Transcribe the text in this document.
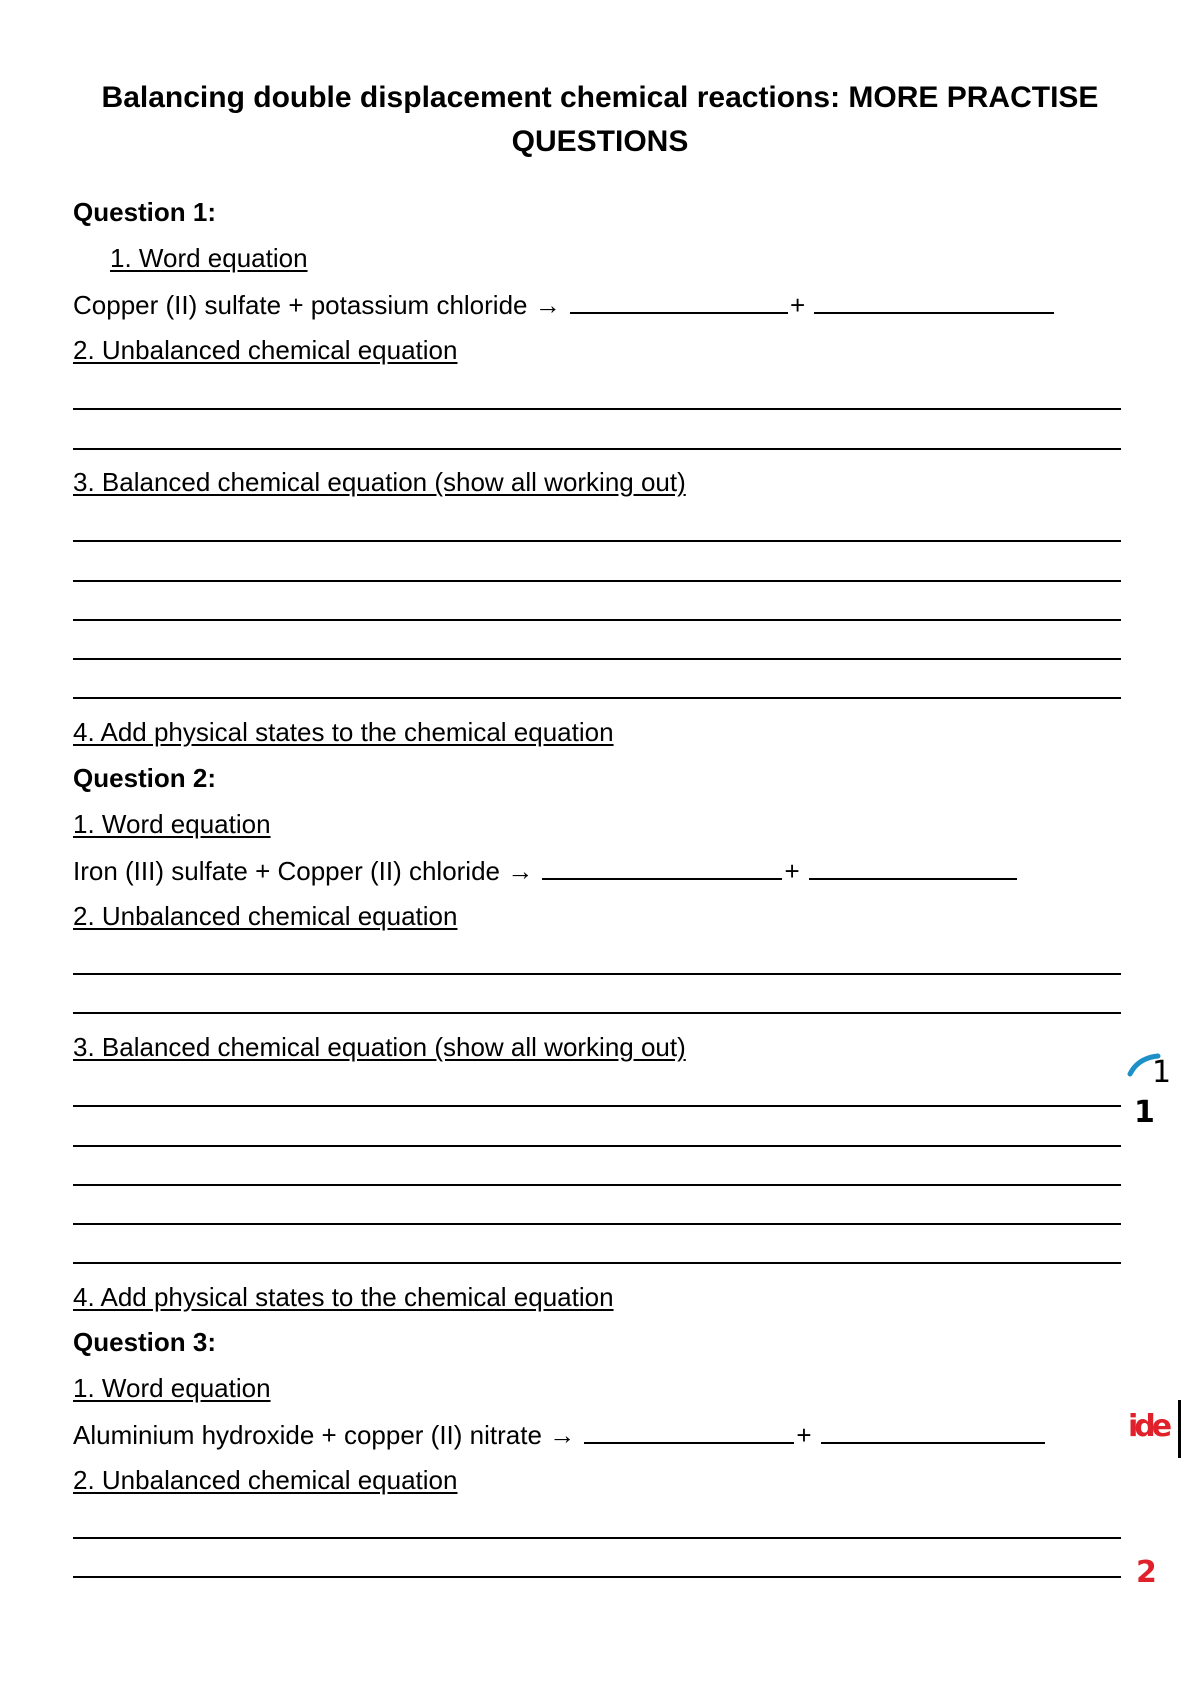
Balancing double displacement chemical reactions: MORE PRACTISE QUESTIONS
Question 1:
1. Word equation
Copper (II) sulfate + potassium chloride →	+
2. Unbalanced chemical equation
3. Balanced chemical equation (show all working out)
4. Add physical states to the chemical equation
Question 2:
1. Word equation
Iron (III) sulfate + Copper (II) chloride →	+
2. Unbalanced chemical equation
3. Balanced chemical equation (show all working out)
4. Add physical states to the chemical equation
Question 3:
1. Word equation
Aluminium hydroxide + copper (II) nitrate →	+
2. Unbalanced chemical equation
1
1
ide
2
